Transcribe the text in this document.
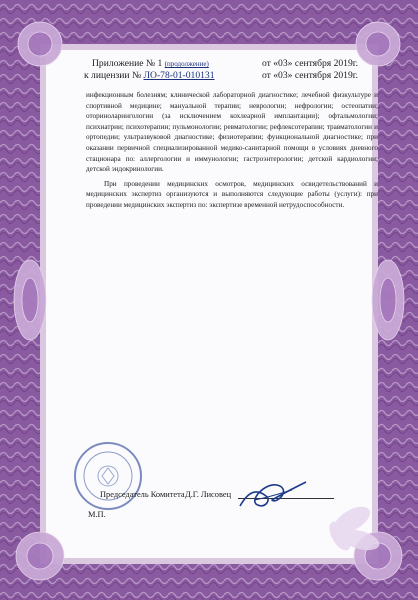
Приложение № 1 (продолжение)
к лицензии № ЛО-78-01-010131
от «03» сентября 2019г.
от «03» сентября 2019г.

инфекционным болезням; клинической лабораторной диагностике; лечебной физкультуре и спортивной медицине; мануальной терапии; неврологии; нефрологии; остеопатии; оториноларингологии (за исключением кохлеарной имплантации); офтальмологии; психиатрии; психотерапии; пульмонологии; ревматологии; рефлексотерапии; травматологии и ортопедии; ультразвуковой диагностике; физиотерапии; функциональной диагностике; при оказании первичной специализированной медико-санитарной помощи в условиях дневного стационара по: аллергологии и иммунологии; гастроэнтерологии; детской кардиологии; детской эндокринологии.

При проведении медицинских осмотров, медицинских освидетельствований и медицинских экспертиз организуются и выполняются следующие работы (услуги): при проведении медицинских экспертиз по: экспертизе временной нетрудоспособности.

Председатель Комитета
М.П.
Д.Г. Лисовец
